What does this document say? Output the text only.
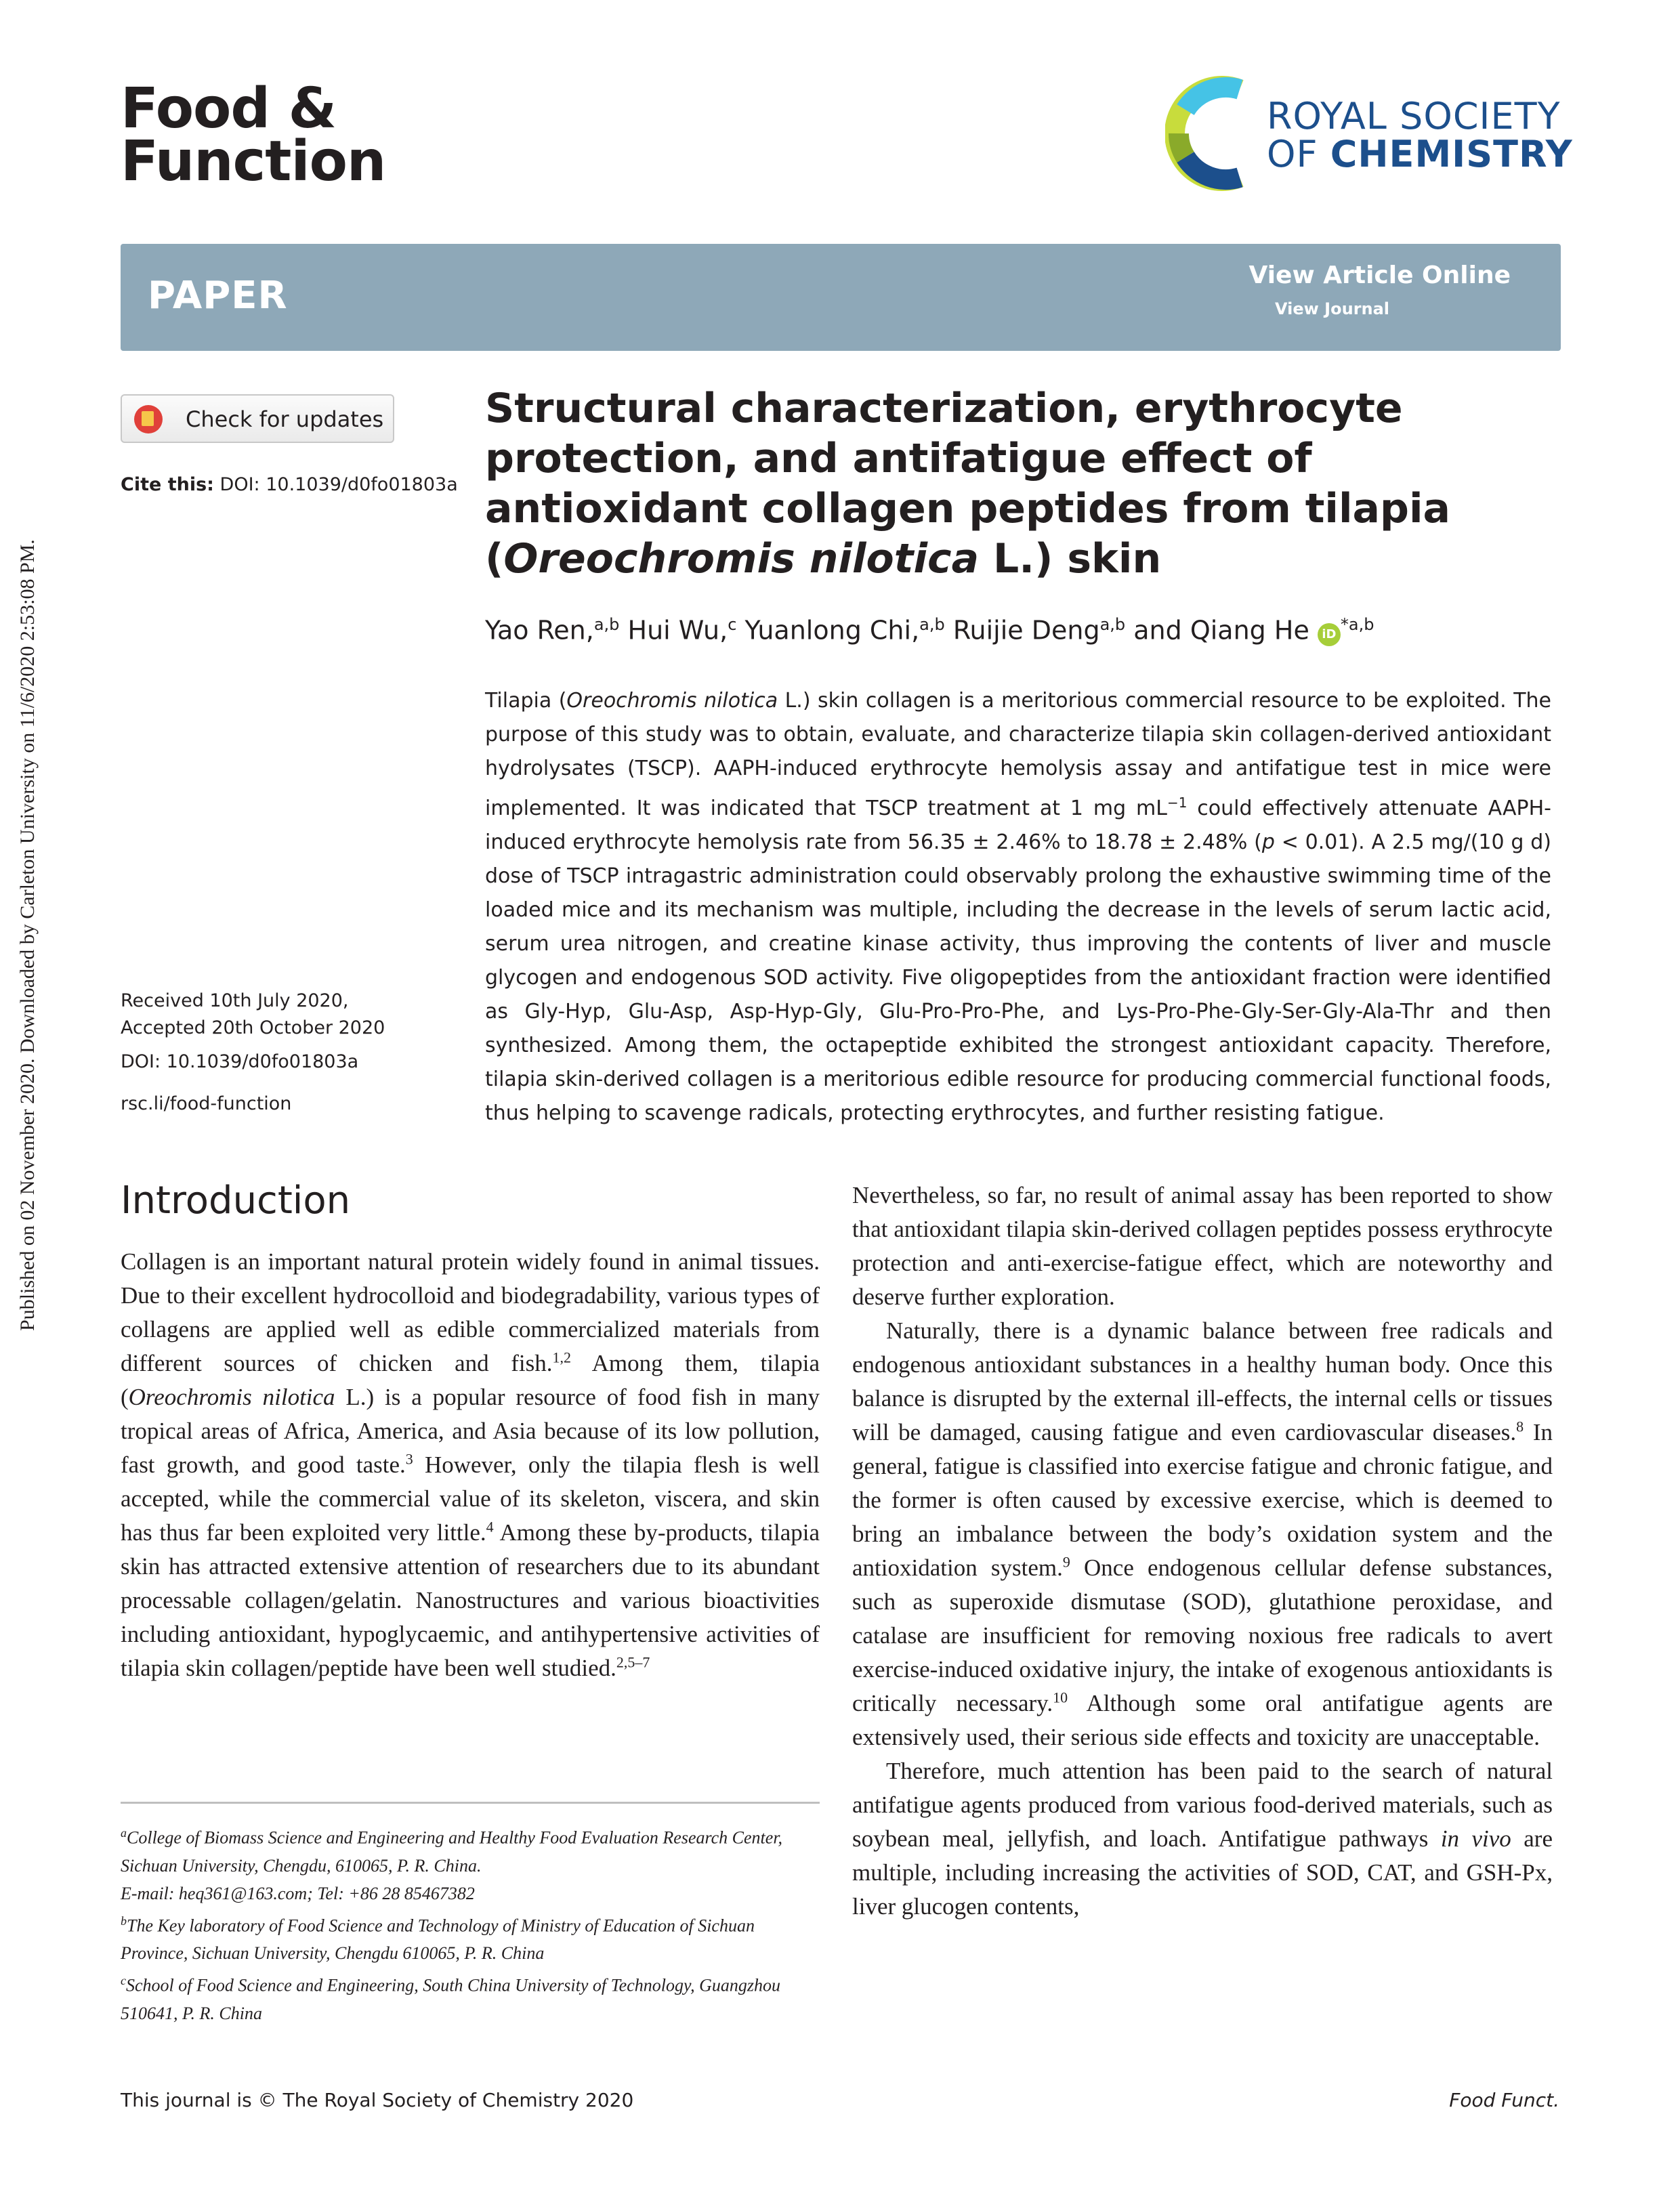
Published on 02 November 2020. Downloaded by Carleton University on 11/6/2020 2:53:08 PM.
Food &
Function
ROYAL SOCIETY
OF CHEMISTRY
PAPER	View Article Online
View Journal
Check for updates
Cite this: DOI: 10.1039/d0fo01803a
Structural characterization, erythrocyte protection, and antifatigue effect of antioxidant collagen peptides from tilapia (Oreochromis nilotica L.) skin
Yao Ren,$^{a,b}$ Hui Wu,$^c$ Yuanlong Chi,$^{a,b}$ Ruijie Deng$^{a,b}$ and Qiang He iD$^{*a,b}$
Tilapia (Oreochromis nilotica L.) skin collagen is a meritorious commercial resource to be exploited. The purpose of this study was to obtain, evaluate, and characterize tilapia skin collagen-derived antioxidant hydrolysates (TSCP). AAPH-induced erythrocyte hemolysis assay and antifatigue test in mice were implemented. It was indicated that TSCP treatment at 1 mg $mL^{-1}$ could effectively attenuate AAPH-induced erythrocyte hemolysis rate from 56.35 ± 2.46% to 18.78 ± 2.48% (p < 0.01). A 2.5 mg/(10 g d) dose of TSCP intragastric administration could observably prolong the exhaustive swimming time of the loaded mice and its mechanism was multiple, including the decrease in the levels of serum lactic acid, serum urea nitrogen, and creatine kinase activity, thus improving the contents of liver and muscle glycogen and endogenous SOD activity. Five oligopeptides from the antioxidant fraction were identified as Gly-Hyp, Glu-Asp, Asp-Hyp-Gly, Glu-Pro-Pro-Phe, and Lys-Pro-Phe-Gly-Ser-Gly-Ala-Thr and then synthesized. Among them, the octapeptide exhibited the strongest antioxidant capacity. Therefore, tilapia skin-derived collagen is a meritorious edible resource for producing commercial functional foods, thus helping to scavenge radicals, protecting erythrocytes, and further resisting fatigue.
Received 10th July 2020,
Accepted 20th October 2020
DOI: 10.1039/d0fo01803a
rsc.li/food-function
Introduction

Collagen is an important natural protein widely found in animal tissues. Due to their excellent hydrocolloid and biodegradability, various types of collagens are applied well as edible commercialized materials from different sources of chicken and fish.$^{1,2}$ Among them, tilapia (Oreochromis nilotica L.) is a popular resource of food fish in many tropical areas of Africa, America, and Asia because of its low pollution, fast growth, and good taste.$^3$ However, only the tilapia flesh is well accepted, while the commercial value of its skeleton, viscera, and skin has thus far been exploited very little.$^4$ Among these by-products, tilapia skin has attracted extensive attention of researchers due to its abundant processable collagen/gelatin. Nanostructures and various bioactivities including antioxidant, hypoglycaemic, and antihypertensive activities of tilapia skin collagen/peptide have been well studied.$^{2,5-7}$

Nevertheless, so far, no result of animal assay has been reported to show that antioxidant tilapia skin-derived collagen peptides possess erythrocyte protection and anti-exercise-fatigue effect, which are noteworthy and deserve further exploration.

Naturally, there is a dynamic balance between free radicals and endogenous antioxidant substances in a healthy human body. Once this balance is disrupted by the external ill-effects, the internal cells or tissues will be damaged, causing fatigue and even cardiovascular diseases.$^8$ In general, fatigue is classified into exercise fatigue and chronic fatigue, and the former is often caused by excessive exercise, which is deemed to bring an imbalance between the body’s oxidation system and the antioxidation system.$^9$ Once endogenous cellular defense substances, such as superoxide dismutase (SOD), glutathione peroxidase, and catalase are insufficient for removing noxious free radicals to avert exercise-induced oxidative injury, the intake of exogenous antioxidants is critically necessary.$^{10}$ Although some oral antifatigue agents are extensively used, their serious side effects and toxicity are unacceptable.

Therefore, much attention has been paid to the search of natural antifatigue agents produced from various food-derived materials, such as soybean meal, jellyfish, and loach. Antifatigue pathways in vivo are multiple, including increasing the activities of SOD, CAT, and GSH-Px, liver glucogen contents,

$^a$College of Biomass Science and Engineering and Healthy Food Evaluation Research Center, Sichuan University, Chengdu, 610065, P. R. China.
E-mail: heq361@163.com; Tel: +86 28 85467382
$^b$The Key laboratory of Food Science and Technology of Ministry of Education of Sichuan Province, Sichuan University, Chengdu 610065, P. R. China
$^c$School of Food Science and Engineering, South China University of Technology, Guangzhou 510641, P. R. China
This journal is © The Royal Society of Chemistry 2020	Food Funct.
